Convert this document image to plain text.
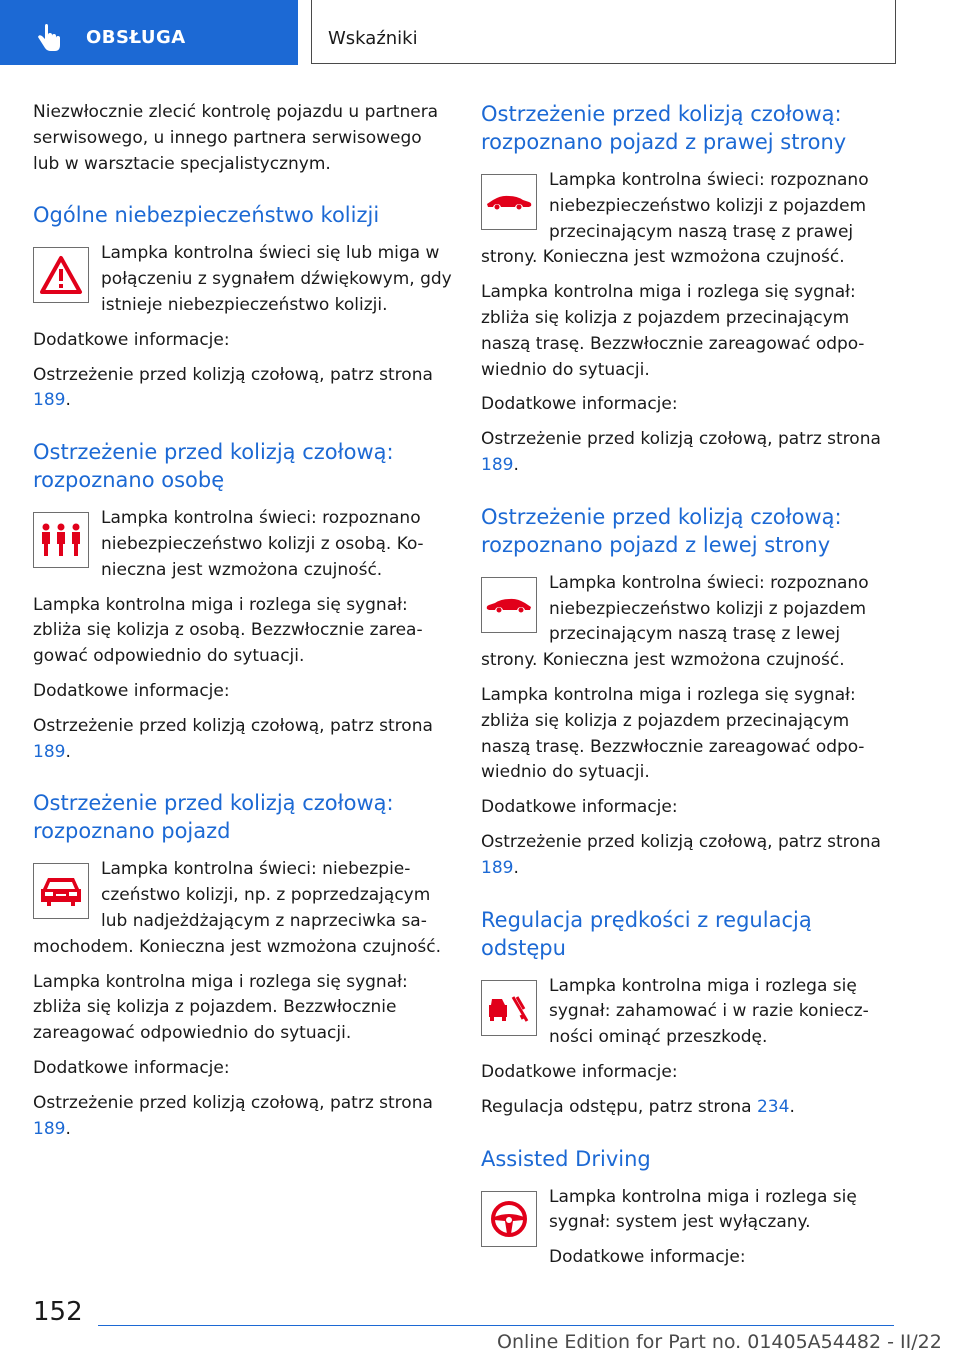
OBSŁUGA	Wskaźniki

Niezwłocznie zlecić kontrolę pojazdu u partnera serwisowego, u innego partnera serwisowego lub w warsztacie specjalistycznym.

Ogólne niebezpieczeństwo kolizji

Lampka kontrolna świeci się lub miga w połączeniu z sygnałem dźwiękowym, gdy istnieje niebezpieczeństwo kolizji.

Dodatkowe informacje:

Ostrzeżenie przed kolizją czołową, patrz strona 189.

Ostrzeżenie przed kolizją czołową: rozpoznano osobę

Lampka kontrolna świeci: rozpoznano niebezpieczeństwo kolizji z osobą. Konieczna jest wzmożona czujność.

Lampka kontrolna miga i rozlega się sygnał: zbliża się kolizja z osobą. Bezzwłocznie zareagować odpowiednio do sytuacji.

Dodatkowe informacje:

Ostrzeżenie przed kolizją czołową, patrz strona 189.

Ostrzeżenie przed kolizją czołową: rozpoznano pojazd

Lampka kontrolna świeci: niebezpieczeństwo kolizji, np. z poprzedzającym lub nadjeżdżającym z naprzeciwka samochodem. Konieczna jest wzmożona czujność.

Lampka kontrolna miga i rozlega się sygnał: zbliża się kolizja z pojazdem. Bezzwłocznie zareagować odpowiednio do sytuacji.

Dodatkowe informacje:

Ostrzeżenie przed kolizją czołową, patrz strona 189.

Ostrzeżenie przed kolizją czołową: rozpoznano pojazd z prawej strony

Lampka kontrolna świeci: rozpoznano niebezpieczeństwo kolizji z pojazdem przecinającym naszą trasę z prawej strony. Konieczna jest wzmożona czujność.

Lampka kontrolna miga i rozlega się sygnał: zbliża się kolizja z pojazdem przecinającym naszą trasę. Bezzwłocznie zareagować odpowiednio do sytuacji.

Dodatkowe informacje:

Ostrzeżenie przed kolizją czołową, patrz strona 189.

Ostrzeżenie przed kolizją czołową: rozpoznano pojazd z lewej strony

Lampka kontrolna świeci: rozpoznano niebezpieczeństwo kolizji z pojazdem przecinającym naszą trasę z lewej strony. Konieczna jest wzmożona czujność.

Lampka kontrolna miga i rozlega się sygnał: zbliża się kolizja z pojazdem przecinającym naszą trasę. Bezzwłocznie zareagować odpowiednio do sytuacji.

Dodatkowe informacje:

Ostrzeżenie przed kolizją czołową, patrz strona 189.

Regulacja prędkości z regulacją odstępu

Lampka kontrolna miga i rozlega się sygnał: zahamować i w razie konieczności ominąć przeszkodę.

Dodatkowe informacje:

Regulacja odstępu, patrz strona 234.

Assisted Driving

Lampka kontrolna miga i rozlega się sygnał: system jest wyłączany.

Dodatkowe informacje:

152
Online Edition for Part no. 01405A54482 - II/22
